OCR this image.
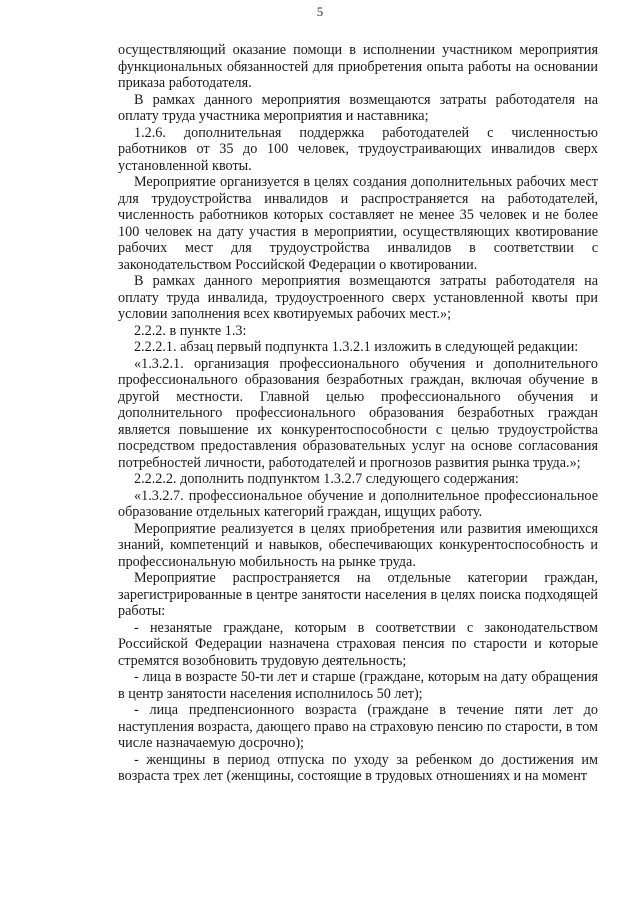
5

осуществляющий оказание помощи в исполнении участником мероприятия функциональных обязанностей для приобретения опыта работы на основании приказа работодателя.

В рамках данного мероприятия возмещаются затраты работодателя на оплату труда участника мероприятия и наставника;

1.2.6. дополнительная поддержка работодателей с численностью работников от 35 до 100 человек, трудоустраивающих инвалидов сверх установленной квоты.

Мероприятие организуется в целях создания дополнительных рабочих мест для трудоустройства инвалидов и распространяется на работодателей, численность работников которых составляет не менее 35 человек и не более 100 человек на дату участия в мероприятии, осуществляющих квотирование рабочих мест для трудоустройства инвалидов в соответствии с законодательством Российской Федерации о квотировании.

В рамках данного мероприятия возмещаются затраты работодателя на оплату труда инвалида, трудоустроенного сверх установленной квоты при условии заполнения всех квотируемых рабочих мест.»;

2.2.2. в пункте 1.3:

2.2.2.1. абзац первый подпункта 1.3.2.1 изложить в следующей редакции:

«1.3.2.1. организация профессионального обучения и дополнительного профессионального образования безработных граждан, включая обучение в другой местности. Главной целью профессионального обучения и дополнительного профессионального образования безработных граждан является повышение их конкурентоспособности с целью трудоустройства посредством предоставления образовательных услуг на основе согласования потребностей личности, работодателей и прогнозов развития рынка труда.»;

2.2.2.2. дополнить подпунктом 1.3.2.7 следующего содержания:

«1.3.2.7. профессиональное обучение и дополнительное профессиональное образование отдельных категорий граждан, ищущих работу.

Мероприятие реализуется в целях приобретения или развития имеющихся знаний, компетенций и навыков, обеспечивающих конкурентоспособность и профессиональную мобильность на рынке труда.

Мероприятие распространяется на отдельные категории граждан, зарегистрированные в центре занятости населения в целях поиска подходящей работы:

- незанятые граждане, которым в соответствии с законодательством Российской Федерации назначена страховая пенсия по старости и которые стремятся возобновить трудовую деятельность;

- лица в возрасте 50-ти лет и старше (граждане, которым на дату обращения в центр занятости населения исполнилось 50 лет);

- лица предпенсионного возраста (граждане в течение пяти лет до наступления возраста, дающего право на страховую пенсию по старости, в том числе назначаемую досрочно);

- женщины в период отпуска по уходу за ребенком до достижения им возраста трех лет (женщины, состоящие в трудовых отношениях и на момент
